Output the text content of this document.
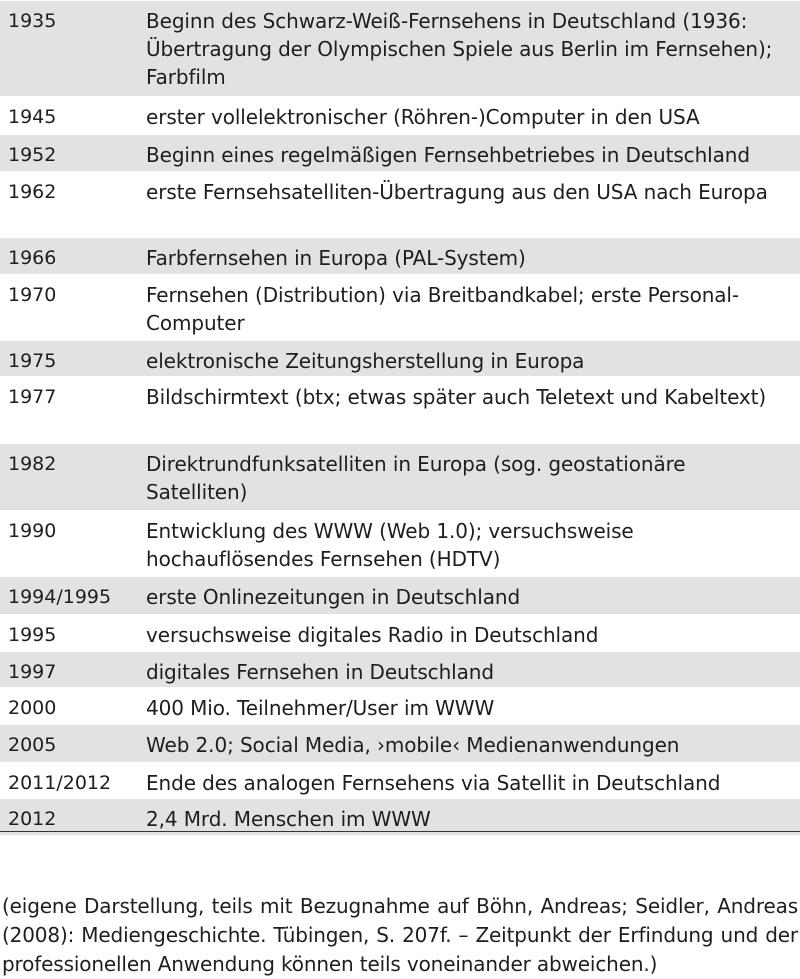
1935	Beginn des Schwarz-Weiß-Fernsehens in Deutschland (1936: Übertragung der Olympischen Spiele aus Berlin im Fernsehen); Farbfilm
1945	erster vollelektronischer (Röhren-)Computer in den USA
1952	Beginn eines regelmäßigen Fernsehbetriebes in Deutschland
1962	erste Fernsehsatelliten-Übertragung aus den USA nach Europa
1966	Farbfernsehen in Europa (PAL-System)
1970	Fernsehen (Distribution) via Breitbandkabel; erste Personal-Computer
1975	elektronische Zeitungsherstellung in Europa
1977	Bildschirmtext (btx; etwas später auch Teletext und Kabeltext)
1982	Direktrundfunksatelliten in Europa (sog. geostationäre Satelliten)
1990	Entwicklung des WWW (Web 1.0); versuchsweise hochauflösendes Fernsehen (HDTV)
1994/1995	erste Onlinezeitungen in Deutschland
1995	versuchsweise digitales Radio in Deutschland
1997	digitales Fernsehen in Deutschland
2000	400 Mio. Teilnehmer/User im WWW
2005	Web 2.0; Social Media, ›mobile‹ Medienanwendungen
2011/2012	Ende des analogen Fernsehens via Satellit in Deutschland
2012	2,4 Mrd. Menschen im WWW

(eigene Darstellung, teils mit Bezugnahme auf Böhn, Andreas; Seidler, Andreas (2008): Mediengeschichte. Tübingen, S. 207f. – Zeitpunkt der Erfindung und der professionellen Anwendung können teils voneinander abweichen.)
